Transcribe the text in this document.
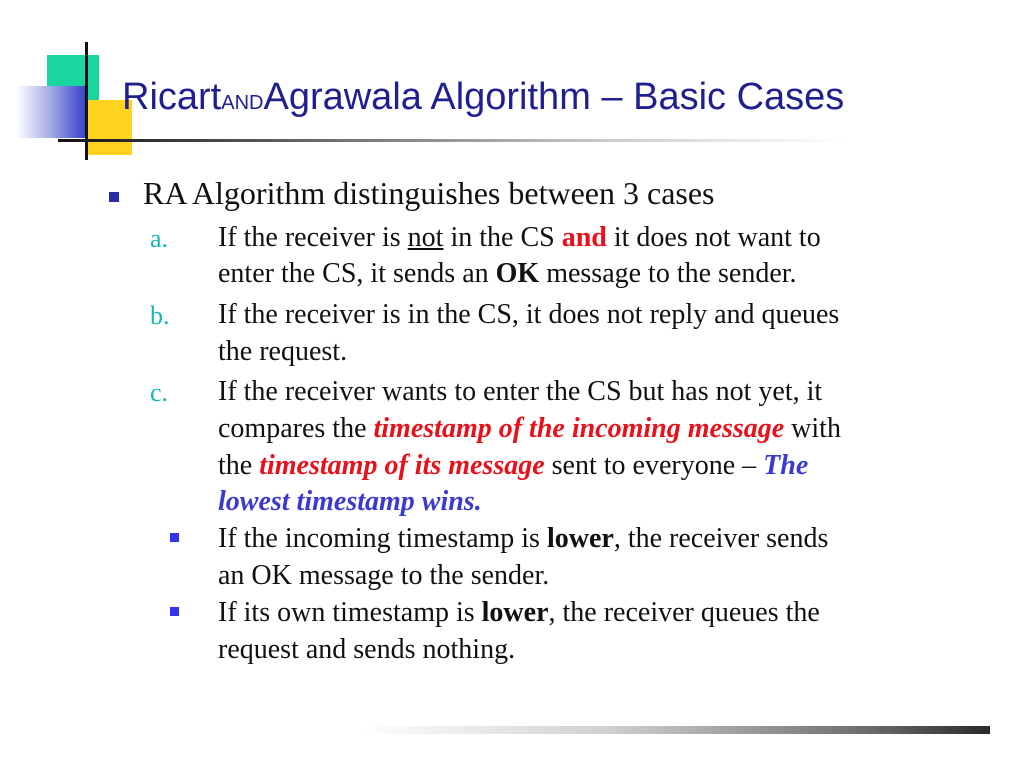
RicartANDAgrawala Algorithm – Basic Cases
RA Algorithm distinguishes between 3 cases
a. If the receiver is not in the CS and it does not want to
enter the CS, it sends an OK message to the sender.
b. If the receiver is in the CS, it does not reply and queues
the request.
c. If the receiver wants to enter the CS but has not yet, it
compares the timestamp of the incoming message with
the timestamp of its message sent to everyone – The
lowest timestamp wins.
If the incoming timestamp is lower, the receiver sends
an OK message to the sender.
If its own timestamp is lower, the receiver queues the
request and sends nothing.
